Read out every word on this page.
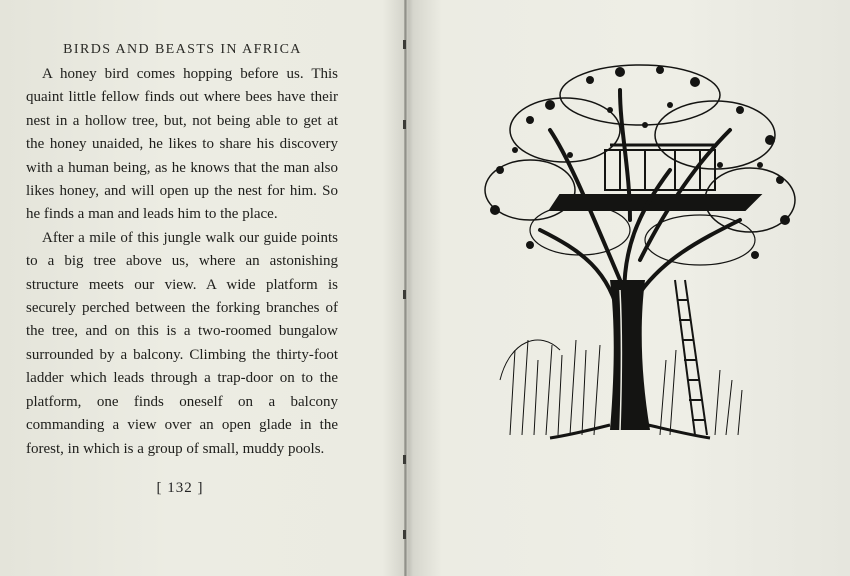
BIRDS AND BEASTS IN AFRICA

A honey bird comes hopping before us. This quaint little fellow finds out where bees have their nest in a hollow tree, but, not being able to get at the honey unaided, he likes to share his discovery with a human being, as he knows that the man also likes honey, and will open up the nest for him. So he finds a man and leads him to the place.

After a mile of this jungle walk our guide points to a big tree above us, where an astonishing structure meets our view. A wide platform is securely perched between the forking branches of the tree, and on this is a two-roomed bungalow surrounded by a balcony. Climbing the thirty-foot ladder which leads through a trap-door on to the platform, one finds oneself on a balcony commanding a view over an open glade in the forest, in which is a group of small, muddy pools.

[ 132 ]
